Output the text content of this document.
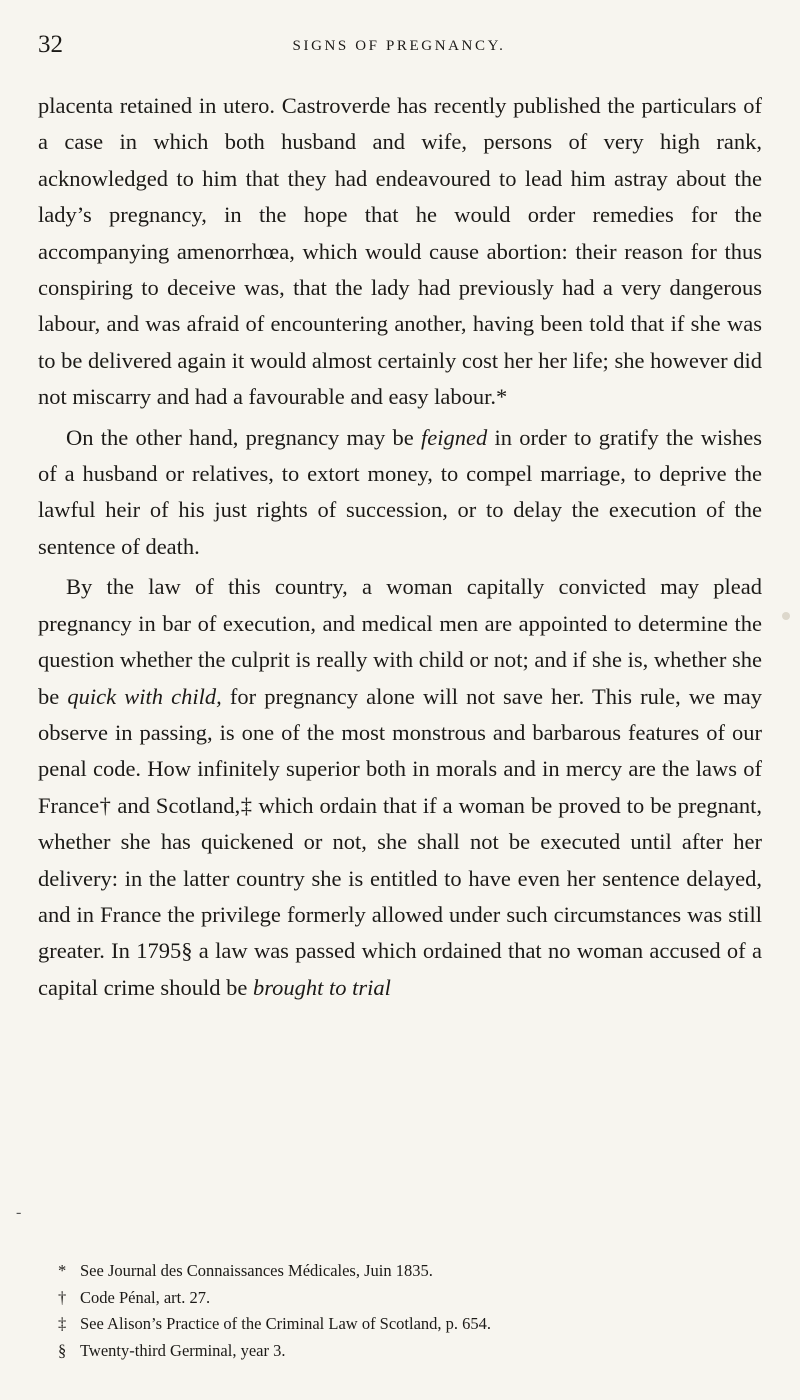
32	SIGNS OF PREGNANCY.

placenta retained in utero. Castroverde has recently published the particulars of a case in which both husband and wife, persons of very high rank, acknowledged to him that they had endeavoured to lead him astray about the lady’s pregnancy, in the hope that he would order remedies for the accompanying amenorrhœa, which would cause abortion: their reason for thus conspiring to deceive was, that the lady had previously had a very dangerous labour, and was afraid of encountering another, having been told that if she was to be delivered again it would almost certainly cost her her life; she however did not miscarry and had a favourable and easy labour.*

On the other hand, pregnancy may be feigned in order to gratify the wishes of a husband or relatives, to extort money, to compel marriage, to deprive the lawful heir of his just rights of succession, or to delay the execution of the sentence of death.

By the law of this country, a woman capitally convicted may plead pregnancy in bar of execution, and medical men are appointed to determine the question whether the culprit is really with child or not; and if she is, whether she be quick with child, for pregnancy alone will not save her. This rule, we may observe in passing, is one of the most monstrous and barbarous features of our penal code. How infinitely superior both in morals and in mercy are the laws of France† and Scotland,‡ which ordain that if a woman be proved to be pregnant, whether she has quickened or not, she shall not be executed until after her delivery: in the latter country she is entitled to have even her sentence delayed, and in France the privilege formerly allowed under such circumstances was still greater. In 1795§ a law was passed which ordained that no woman accused of a capital crime should be brought to trial

-

* See Journal des Connaissances Médicales, Juin 1835.

† Code Pénal, art. 27.

‡ See Alison’s Practice of the Criminal Law of Scotland, p. 654.

§ Twenty-third Germinal, year 3.
